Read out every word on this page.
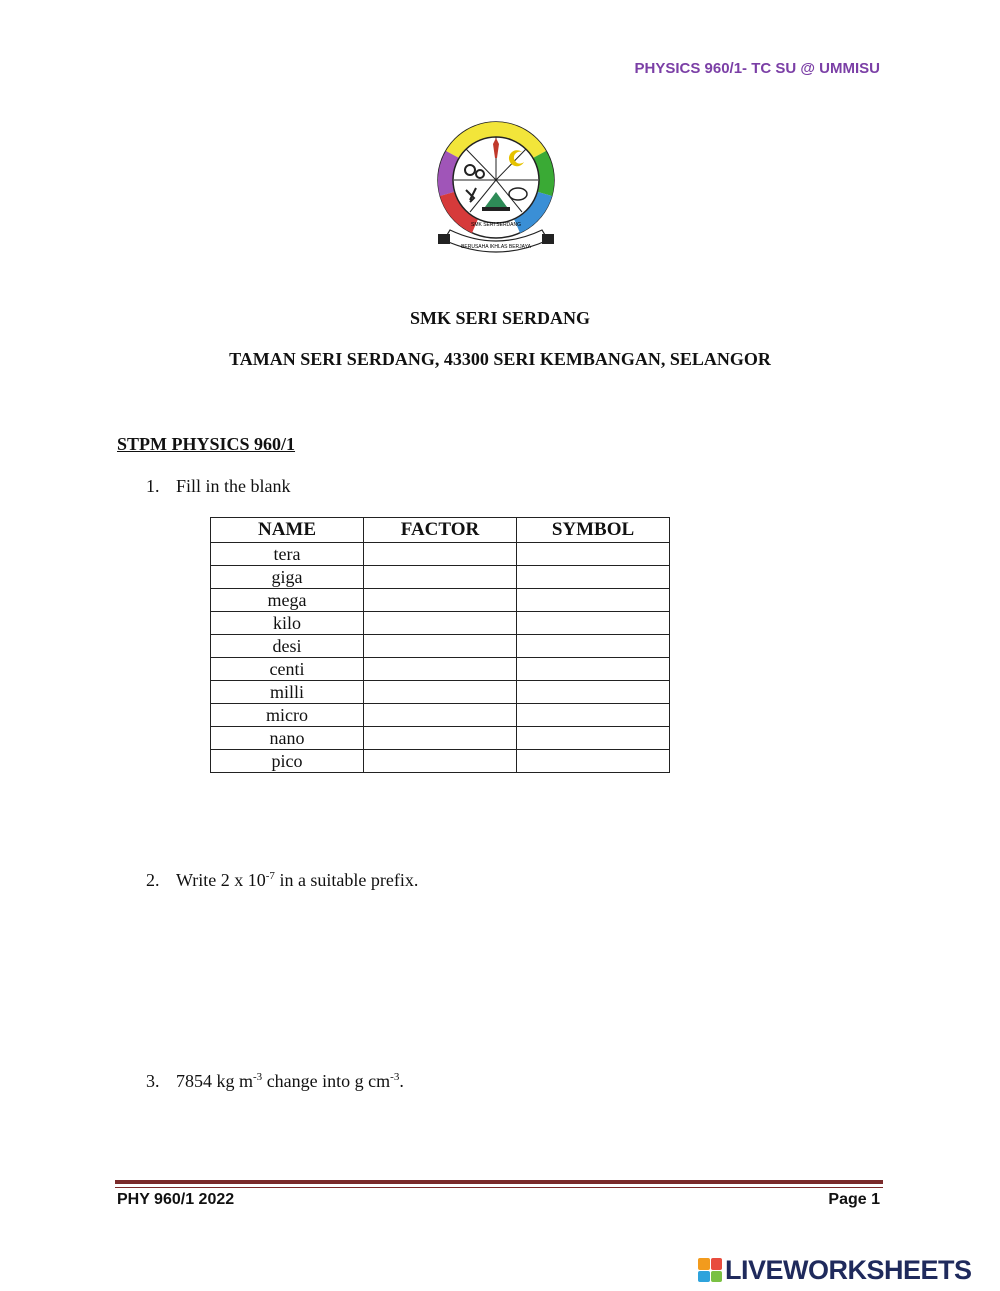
PHYSICS 960/1- TC SU @ UMMISU
BERUSAHA IKHLAS BERJAYA
SMK SERI SERDANG
SMK SERI SERDANG
TAMAN SERI SERDANG, 43300 SERI KEMBANGAN, SELANGOR
STPM PHYSICS 960/1
1. Fill in the blank
NAME	FACTOR	SYMBOL
tera		
giga		
mega		
kilo		
desi		
centi		
milli		
micro		
nano		
pico		
2. Write 2 x $10^{-7}$ in a suitable prefix.
3. 7854 kg $m^{-3}$ change into g $cm^{-3}$.
PHY 960/1 2022	Page 1
LIVEWORKSHEETS
